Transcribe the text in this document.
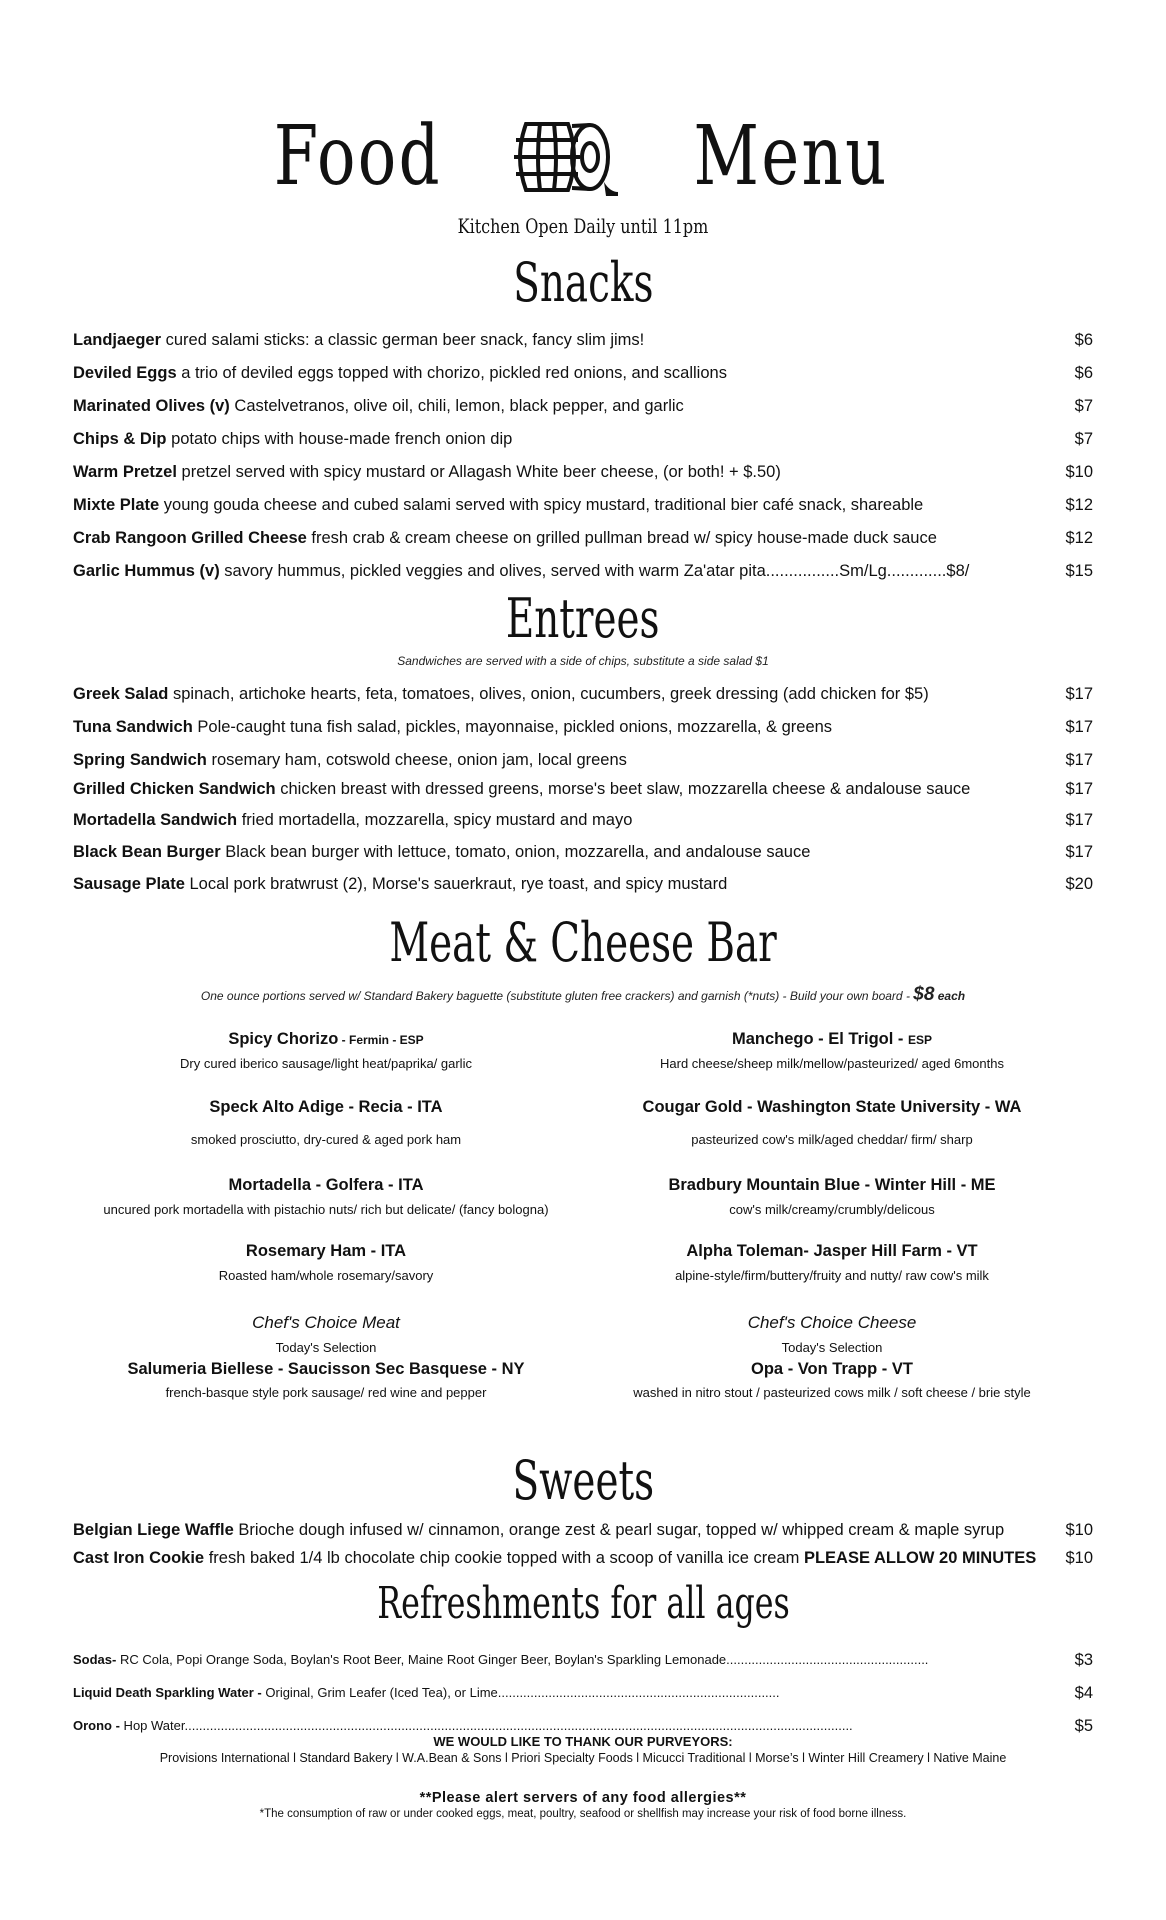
Food	Menu
Kitchen Open Daily until 11pm
Snacks
Landjaeger cured salami sticks: a classic german beer snack, fancy slim jims!	$6
Deviled Eggs a trio of deviled eggs topped with chorizo, pickled red onions, and scallions	$6
Marinated Olives (v) Castelvetranos, olive oil, chili, lemon, black pepper, and garlic	$7
Chips & Dip potato chips with house-made french onion dip	$7
Warm Pretzel pretzel served with spicy mustard or Allagash White beer cheese, (or both! + $.50)	$10
Mixte Plate young gouda cheese and cubed salami served with spicy mustard, traditional bier café snack, shareable	$12
Crab Rangoon Grilled Cheese fresh crab & cream cheese on grilled pullman bread w/ spicy house-made duck sauce	$12
Garlic Hummus (v) savory hummus, pickled veggies and olives, served with warm Za'atar pita................Sm/Lg.............$8/	$15
Entrees
Sandwiches are served with a side of chips, substitute a side salad $1
Greek Salad spinach, artichoke hearts, feta, tomatoes, olives, onion, cucumbers, greek dressing (add chicken for $5)	$17
Tuna Sandwich Pole-caught tuna fish salad, pickles, mayonnaise, pickled onions, mozzarella, & greens	$17
Spring Sandwich rosemary ham, cotswold cheese, onion jam, local greens	$17
Grilled Chicken Sandwich chicken breast with dressed greens, morse's beet slaw, mozzarella cheese & andalouse sauce	$17
Mortadella Sandwich fried mortadella, mozzarella, spicy mustard and mayo	$17
Black Bean Burger Black bean burger with lettuce, tomato, onion, mozzarella, and andalouse sauce	$17
Sausage Plate Local pork bratwrust (2), Morse's sauerkraut, rye toast, and spicy mustard	$20
Meat & Cheese Bar
One ounce portions served w/ Standard Bakery baguette (substitute gluten free crackers) and garnish (*nuts) - Build your own board - $8 each
Spicy Chorizo - Fermin - ESP
Dry cured iberico sausage/light heat/paprika/ garlic
Speck Alto Adige - Recia - ITA
smoked prosciutto, dry-cured & aged pork ham
Mortadella - Golfera - ITA
uncured pork mortadella with pistachio nuts/ rich but delicate/ (fancy bologna)
Rosemary Ham - ITA
Roasted ham/whole rosemary/savory
Manchego - El Trigol - ESP
Hard cheese/sheep milk/mellow/pasteurized/ aged 6months
Cougar Gold - Washington State University - WA
pasteurized cow's milk/aged cheddar/ firm/ sharp
Bradbury Mountain Blue - Winter Hill - ME
cow's milk/creamy/crumbly/delicous
Alpha Toleman- Jasper Hill Farm - VT
alpine-style/firm/buttery/fruity and nutty/ raw cow's milk
Chef's Choice Meat
Today's Selection
Salumeria Biellese - Saucisson Sec Basquese - NY
french-basque style pork sausage/ red wine and pepper
Chef's Choice Cheese
Today's Selection
Opa - Von Trapp - VT
washed in nitro stout / pasteurized cows milk / soft cheese / brie style
Sweets
Belgian Liege Waffle Brioche dough infused w/ cinnamon, orange zest & pearl sugar, topped w/ whipped cream & maple syrup	$10
Cast Iron Cookie fresh baked 1/4 lb chocolate chip cookie topped with a scoop of vanilla ice cream PLEASE ALLOW 20 MINUTES $10
Refreshments for all ages
Sodas- RC Cola, Popi Orange Soda, Boylan's Root Beer, Maine Root Ginger Beer, Boylan's Sparkling Lemonade........................................................	$3
Liquid Death Sparkling Water - Original, Grim Leafer (Iced Tea), or Lime..............................................................................	$4
Orono - Hop Water.........................................................................................................................................................................................	$5
WE WOULD LIKE TO THANK OUR PURVEYORS:
Provisions International l Standard Bakery l W.A.Bean & Sons l Priori Specialty Foods l Micucci Traditional l Morse’s l Winter Hill Creamery l Native Maine
**Please alert servers of any food allergies**
*The consumption of raw or under cooked eggs, meat, poultry, seafood or shellfish may increase your risk of food borne illness.
